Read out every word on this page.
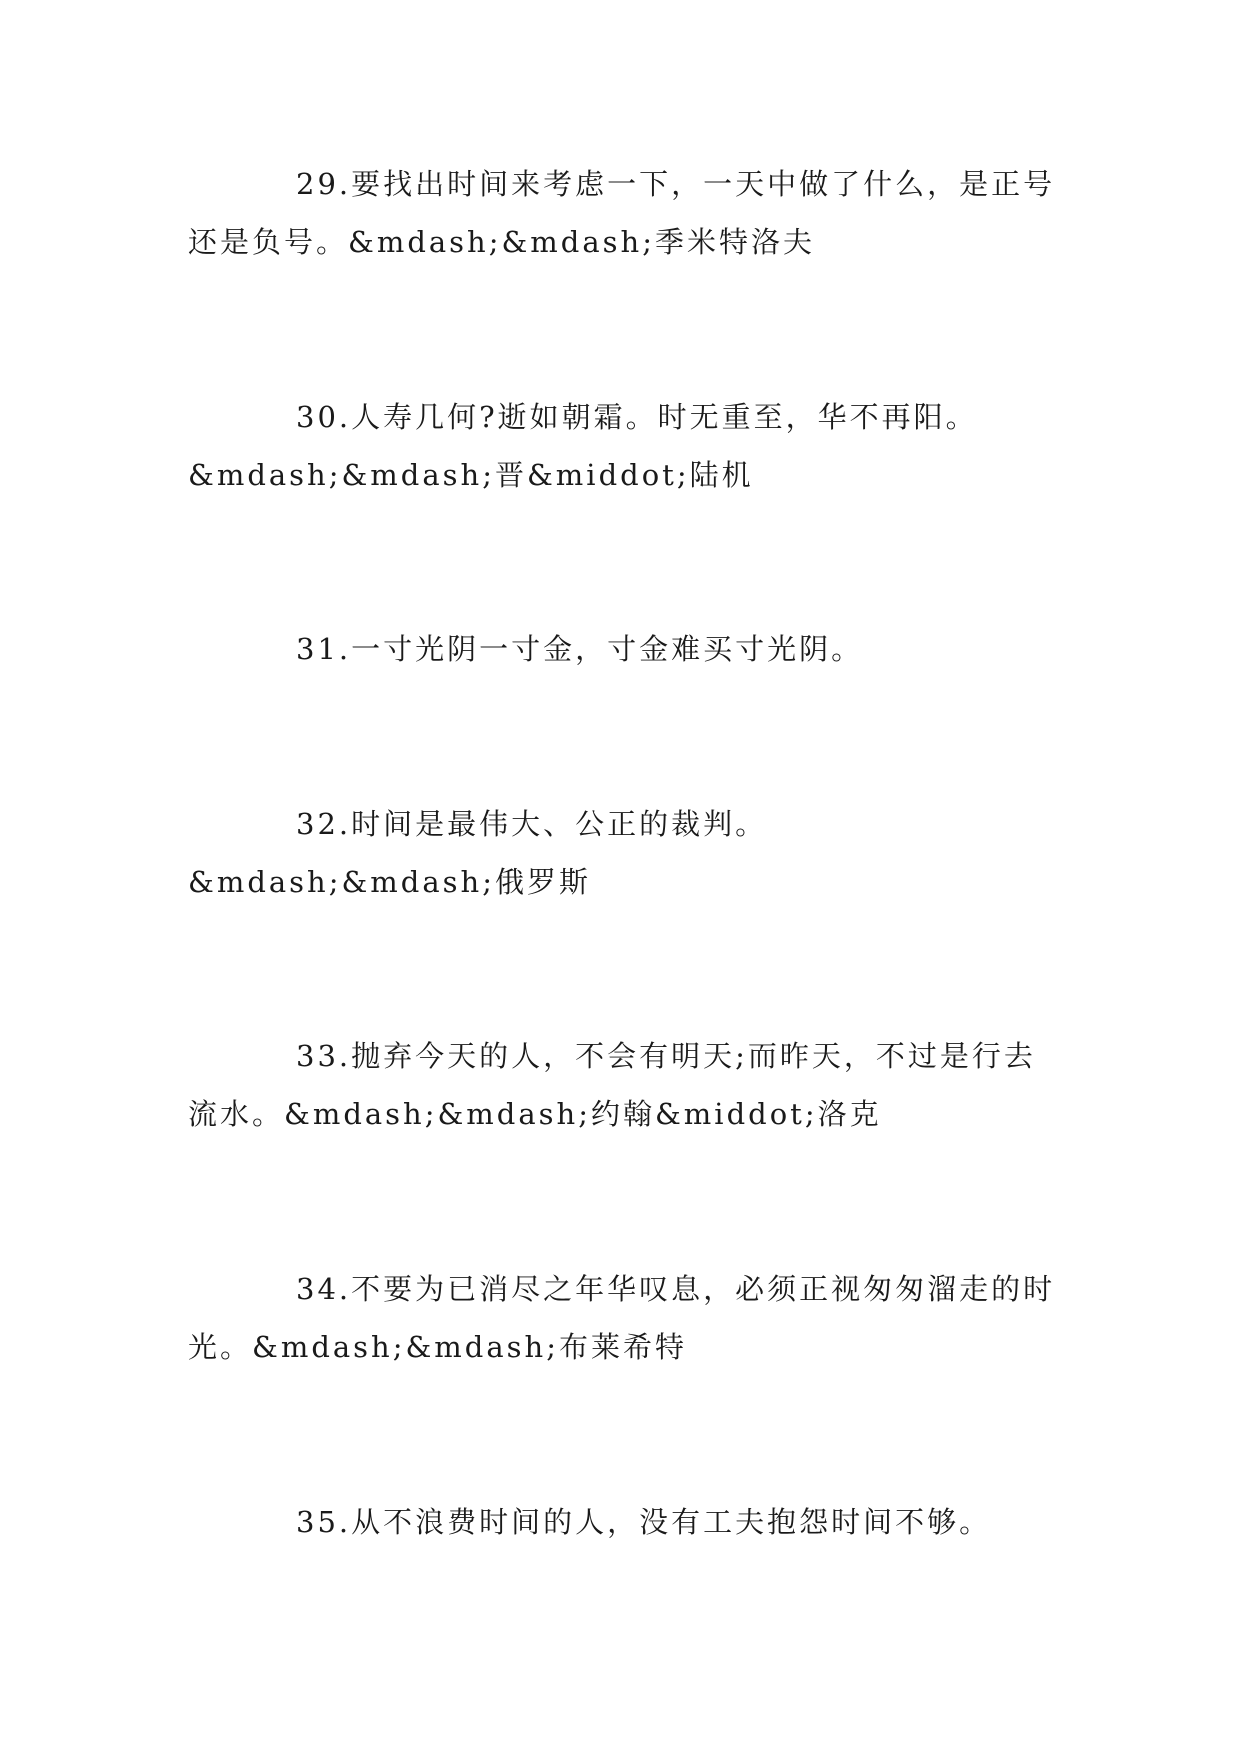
29.要找出时间来考虑一下，一天中做了什么，是正号还是负号。&mdash;&mdash;季米特洛夫

30.人寿几何?逝如朝霜。时无重至，华不再阳。&mdash;&mdash;晋&middot;陆机

31.一寸光阴一寸金，寸金难买寸光阴。

32.时间是最伟大、公正的裁判。&mdash;&mdash;俄罗斯

33.抛弃今天的人，不会有明天;而昨天，不过是行去流水。&mdash;&mdash;约翰&middot;洛克

34.不要为已消尽之年华叹息，必须正视匆匆溜走的时光。&mdash;&mdash;布莱希特

35.从不浪费时间的人，没有工夫抱怨时间不够。
